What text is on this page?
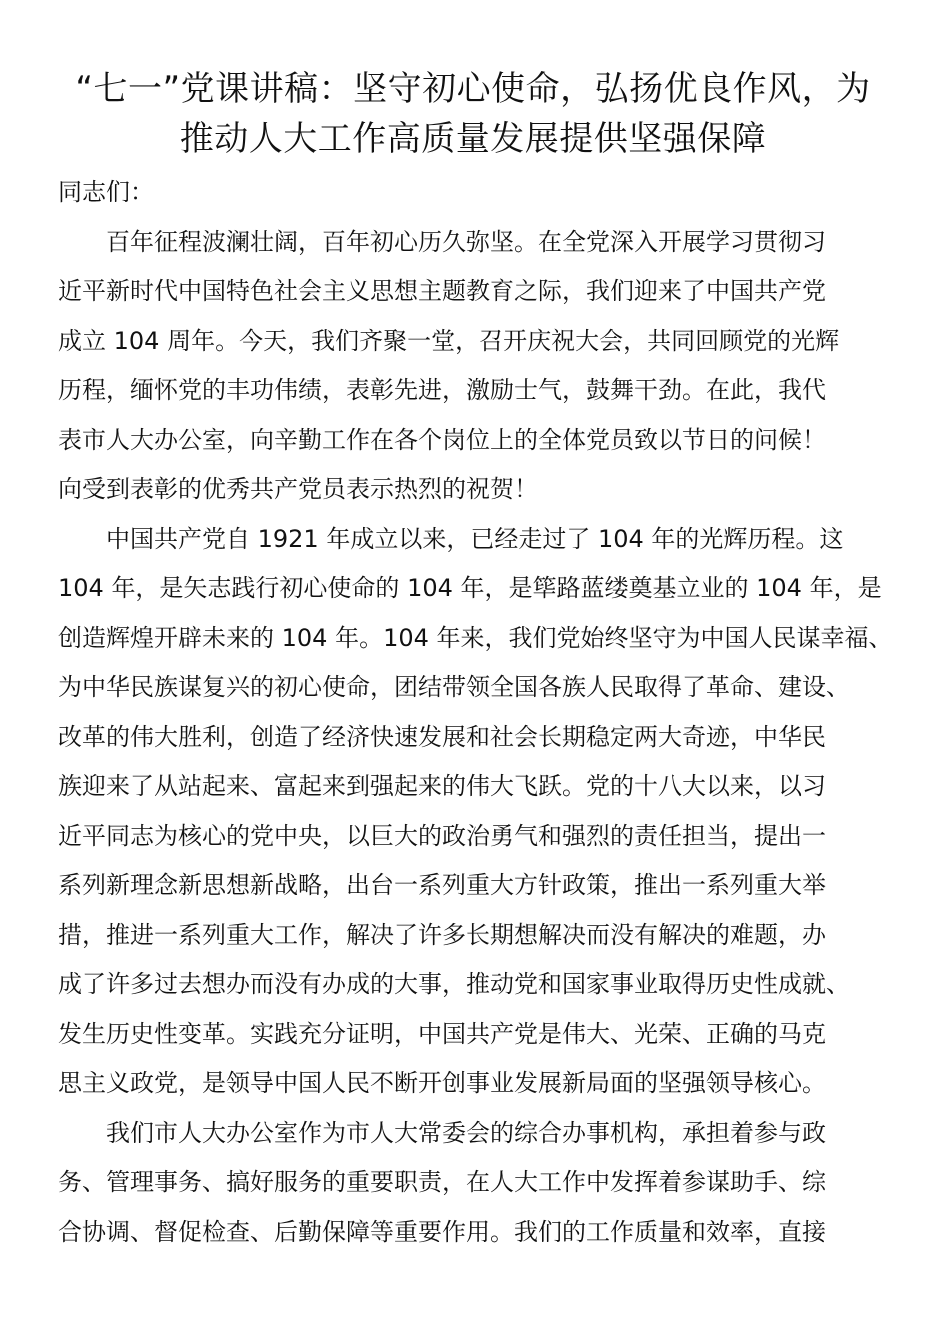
“七一”党课讲稿：坚守初心使命，弘扬优良作风，为
推动人大工作高质量发展提供坚强保障

同志们：

百年征程波澜壮阔，百年初心历久弥坚。在全党深入开展学习贯彻习
近平新时代中国特色社会主义思想主题教育之际，我们迎来了中国共产党
成立 104 周年。今天，我们齐聚一堂，召开庆祝大会，共同回顾党的光辉
历程，缅怀党的丰功伟绩，表彰先进，激励士气，鼓舞干劲。在此，我代
表市人大办公室，向辛勤工作在各个岗位上的全体党员致以节日的问候！
向受到表彰的优秀共产党员表示热烈的祝贺！

中国共产党自 1921 年成立以来，已经走过了 104 年的光辉历程。这
104 年，是矢志践行初心使命的 104 年，是筚路蓝缕奠基立业的 104 年，是
创造辉煌开辟未来的 104 年。104 年来，我们党始终坚守为中国人民谋幸福、
为中华民族谋复兴的初心使命，团结带领全国各族人民取得了革命、建设、
改革的伟大胜利，创造了经济快速发展和社会长期稳定两大奇迹，中华民
族迎来了从站起来、富起来到强起来的伟大飞跃。党的十八大以来，以习
近平同志为核心的党中央，以巨大的政治勇气和强烈的责任担当，提出一
系列新理念新思想新战略，出台一系列重大方针政策，推出一系列重大举
措，推进一系列重大工作，解决了许多长期想解决而没有解决的难题，办
成了许多过去想办而没有办成的大事，推动党和国家事业取得历史性成就、
发生历史性变革。实践充分证明，中国共产党是伟大、光荣、正确的马克
思主义政党，是领导中国人民不断开创事业发展新局面的坚强领导核心。

我们市人大办公室作为市人大常委会的综合办事机构，承担着参与政
务、管理事务、搞好服务的重要职责，在人大工作中发挥着参谋助手、综
合协调、督促检查、后勤保障等重要作用。我们的工作质量和效率，直接
